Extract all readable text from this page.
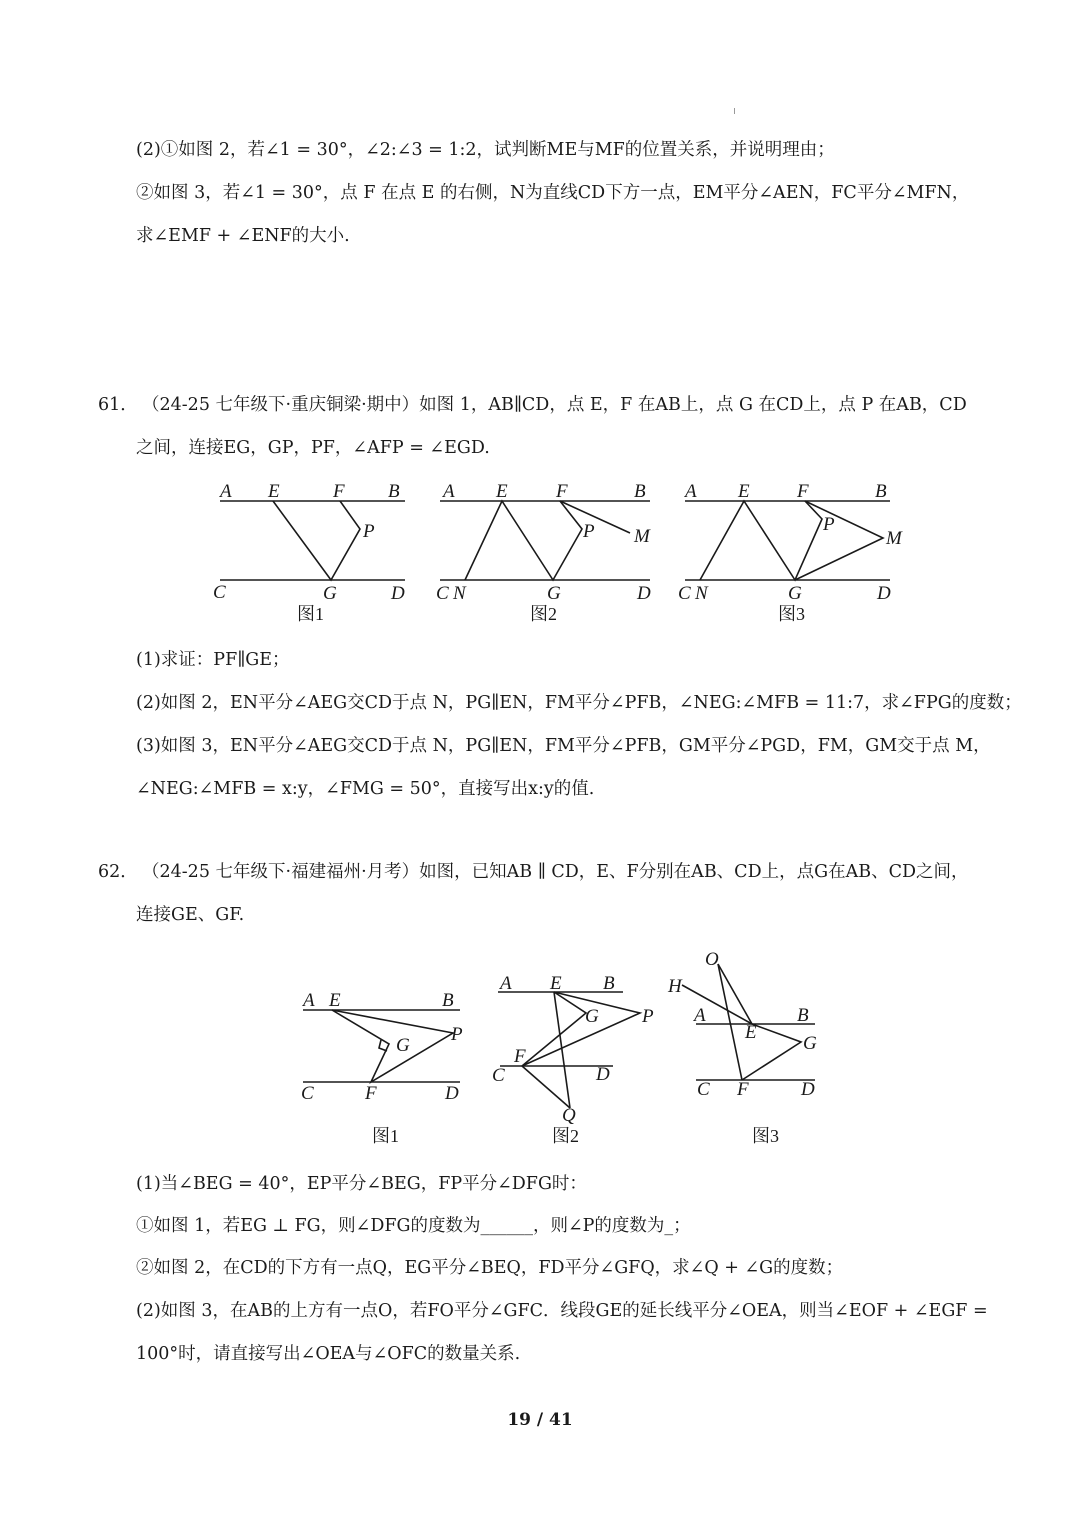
(2)①如图 2，若∠1 = 30°，∠2:∠3 = 1:2，试判断ME与MF的位置关系，并说明理由；
②如图 3，若∠1 = 30°，点 F 在点 E 的右侧，N为直线CD下方一点，EM平分∠AEN，FC平分∠MFN，
求∠EMF + ∠ENF的大小.
61． （24-25 七年级下·重庆铜梁·期中）如图 1，AB∥CD，点 E，F 在AB上，点 G 在CD上，点 P 在AB，CD
之间，连接EG，GP，PF，∠AFP = ∠EGD.
A E	F B
P
C	G	D
图1
A E	F	B
P M
C N	G	D
图2
A E F	B
P
M
C N	G	D
图3
(1)求证：PF∥GE；
(2)如图 2，EN平分∠AEG交CD于点 N，PG∥EN，FM平分∠PFB，∠NEG:∠MFB = 11:7，求∠FPG的度数；
(3)如图 3，EN平分∠AEG交CD于点 N，PG∥EN，FM平分∠PFB，GM平分∠PGD，FM，GM交于点 M，
∠NEG:∠MFB = x:y，∠FMG = 50°，直接写出x:y的值.
62． （24-25 七年级下·福建福州·月考）如图，已知AB ∥ CD，E、F分别在AB、CD上，点G在AB、CD之间，
连接GE、GF.
A E	B
P
G
C	F	D
图1
A E B
G P
F
C	D
Q
图2
O
H
A	B
E
G
C F	D
图3
(1)当∠BEG = 40°，EP平分∠BEG，FP平分∠DFG时：
①如图 1，若EG ⊥ FG，则∠DFG的度数为______，则∠P的度数为_；
②如图 2，在CD的下方有一点Q，EG平分∠BEQ，FD平分∠GFQ，求∠Q + ∠G的度数；
(2)如图 3，在AB的上方有一点O，若FO平分∠GFC．线段GE的延长线平分∠OEA，则当∠EOF + ∠EGF =
100°时，请直接写出∠OEA与∠OFC的数量关系.
19 / 41
